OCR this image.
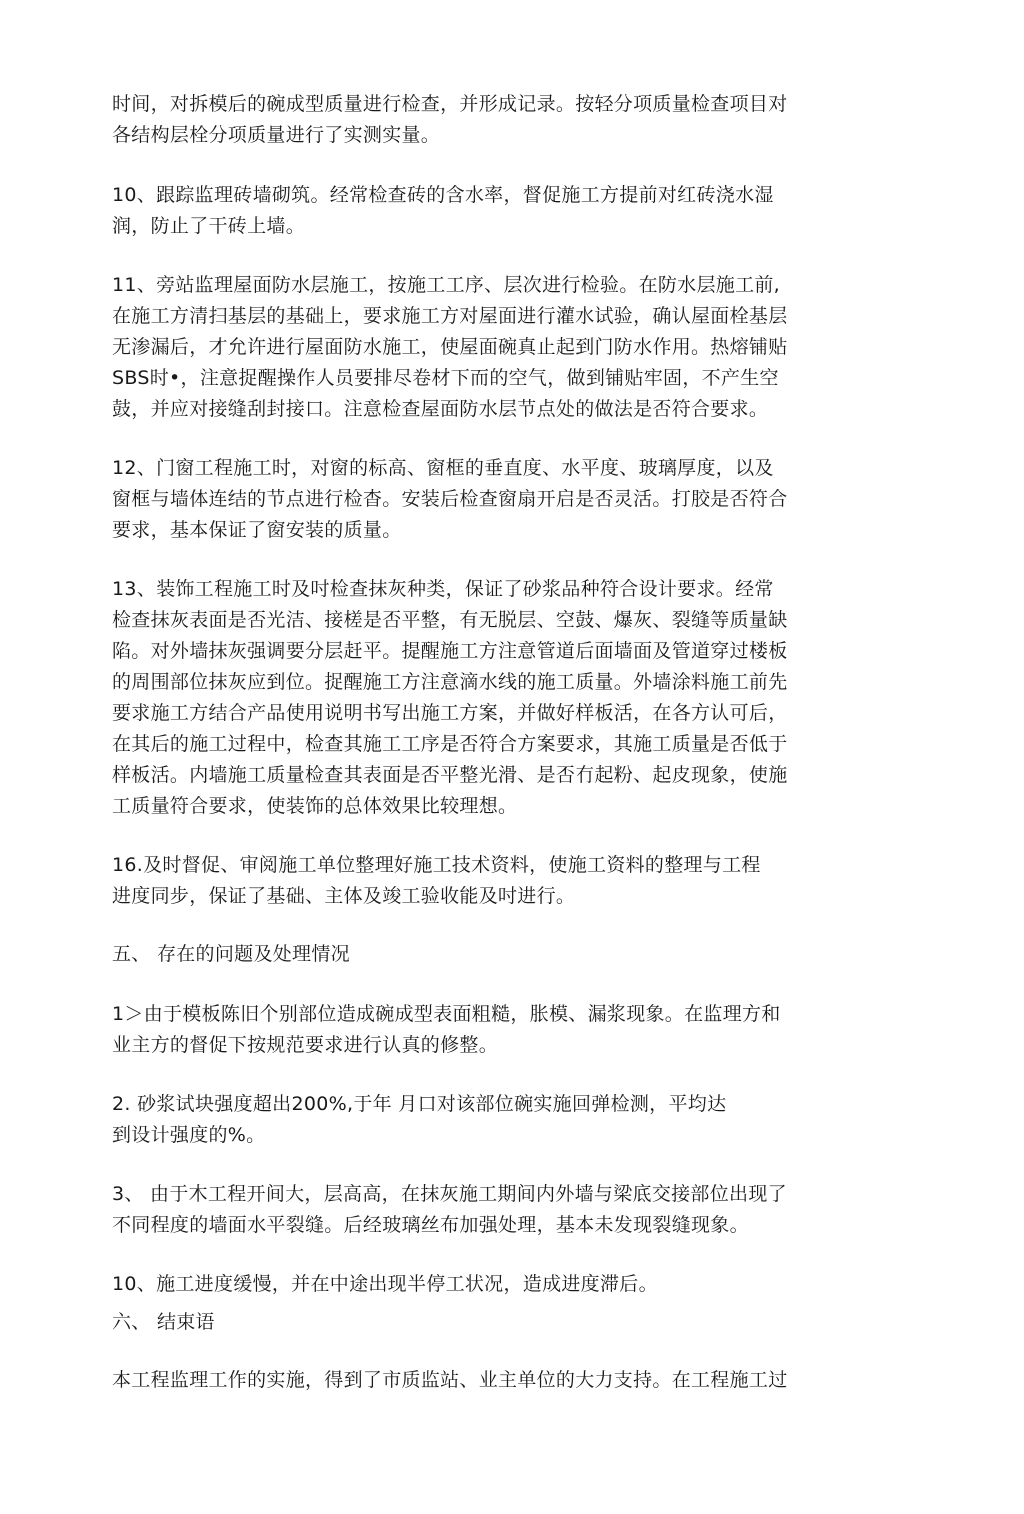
时间，对拆模后的碗成型质量进行检查，并形成记录。按轻分项质量检查项目对
各结构层栓分项质量进行了实测实量。
10、跟踪监理砖墙砌筑。经常检查砖的含水率，督促施工方提前对红砖浇水湿
润，防止了干砖上墙。
11、旁站监理屋面防水层施工，按施工工序、层次进行检验。在防水层施工前,
在施工方清扫基层的基础上，要求施工方对屋面进行灌水试验，确认屋面栓基层
无渗漏后，才允许进行屋面防水施工，使屋面碗真止起到门防水作用。热熔铺贴
SBS时•，注意捉醒操作人员要排尽卷材下而的空气，做到铺贴牢固，不产生空
鼓，并应对接缝刮封接口。注意检查屋面防水层节点处的做法是否符合要求。
12、门窗工程施工时，对窗的标高、窗框的垂直度、水平度、玻璃厚度，以及
窗框与墙体连结的节点进行检杳。安装后检查窗扇开启是否灵活。打胶是否符合
要求，基本保证了窗安装的质量。
13、装饰工程施工时及吋检查抹灰种类，保证了砂浆品种符合设计要求。经常
检查抹灰表面是否光洁、接槎是否平整，有无脱层、空鼓、爆灰、裂缝等质量缺
陷。对外墙抹灰强调要分层赶平。提醒施工方注意管道后面墙面及管道穿过楼板
的周围部位抹灰应到位。捉醒施工方注意滴水线的施工质量。外墙涂料施工前先
要求施工方结合产品使用说明书写出施工方案，并做好样板活，在各方认可后，
在其后的施工过程中，检查其施工工序是否符合方案要求，其施工质量是否低于
样板活。内墙施工质量检查其表面是否平整光滑、是否冇起粉、起皮现象，使施
工质量符合要求，使装饰的总体效果比较理想。
16.及时督促、审阅施工单位整理好施工技术资料，使施工资料的整理与工程
进度同步，保证了基础、主体及竣工验收能及吋进行。
五、 存在的问题及处理情况
1＞由于模板陈旧个别部位造成碗成型表面粗糙，胀模、漏浆现象。在监理方和
业主方的督促下按规范要求进行认真的修整。
2. 砂浆试块强度超出200%,于年 月口对该部位碗实施回弹检测，平均达
到设计强度的%。
3、 由于木工程开间大，层高高，在抹灰施工期间内外墙与梁底交接部位出现了
不同程度的墙面水平裂缝。后经玻璃丝布加强处理，基本未发现裂缝现象。
10、施工进度缓慢，并在中途出现半停工状况，造成进度滞后。
六、 结束语
本工程监理工作的实施，得到了市质监站、业主单位的大力支持。在工程施工过
